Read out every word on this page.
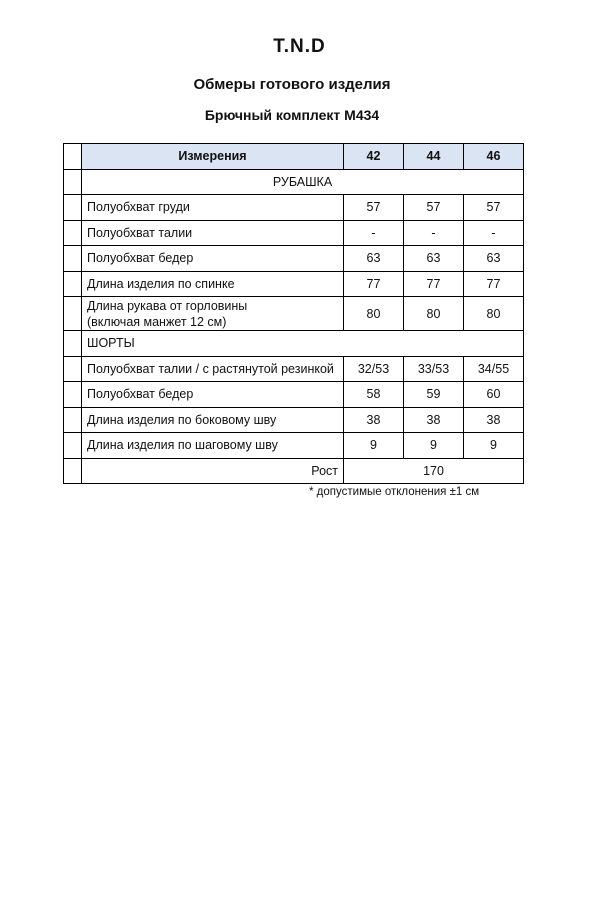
T.N.D
Обмеры готового изделия
Брючный комплект М434
	Измерения	42	44	46
	РУБАШКА			
	Полуобхват груди	57	57	57
	Полуобхват талии	-	-	-
	Полуобхват бедер	63	63	63
	Длина изделия по спинке	77	77	77
	Длина рукава от горловины
(включая манжет 12 см)	80	80	80
	ШОРТЫ			
	Полуобхват талии / с растянутой резинкой	32/53	33/53	34/55
	Полуобхват бедер	58	59	60
	Длина изделия по боковому шву	38	38	38
	Длина изделия по шаговому шву	9	9	9
	Рост	170		
* допустимые отклонения ±1 см
